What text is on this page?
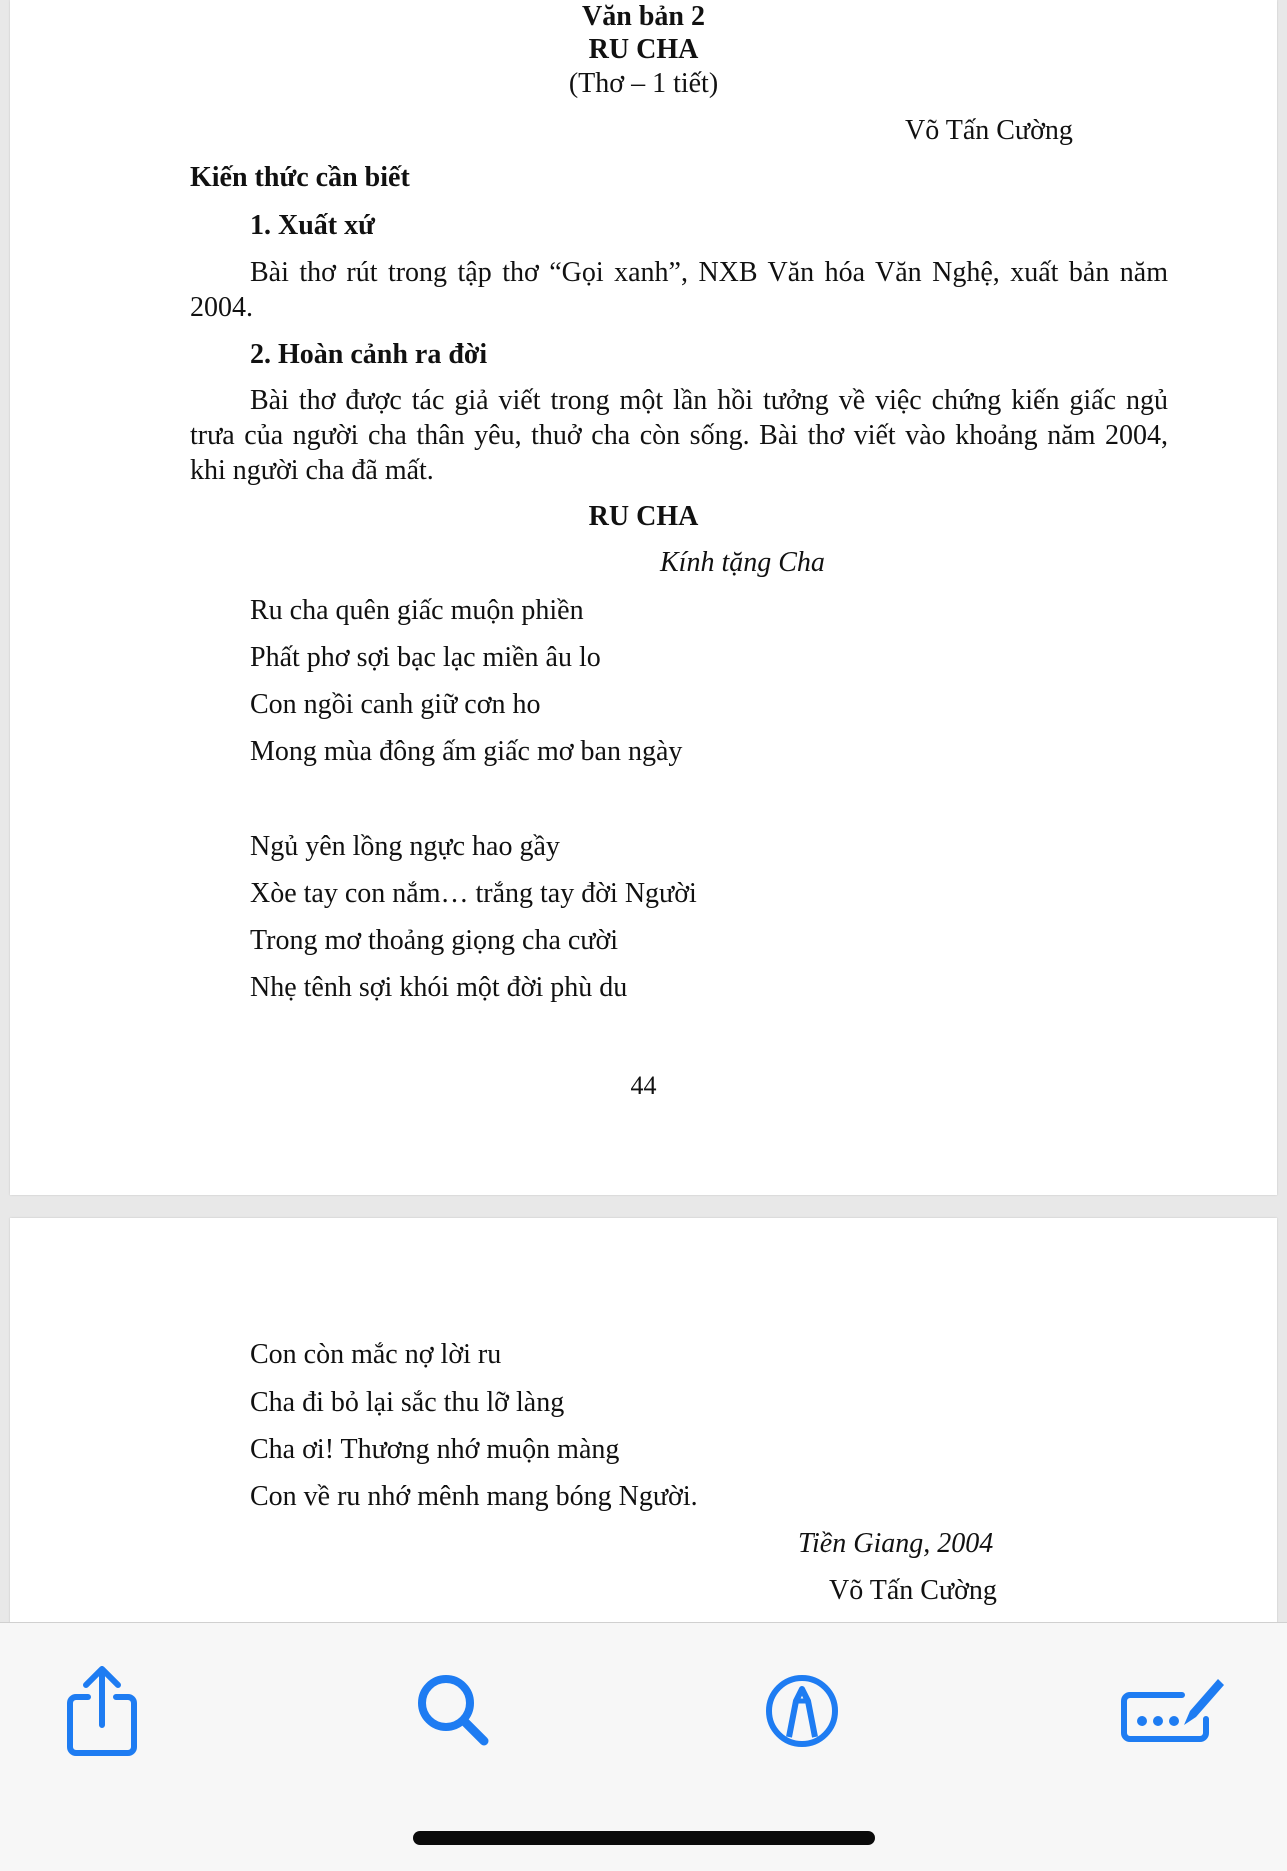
Văn bản 2
RU CHA
(Thơ – 1 tiết)
Võ Tấn Cường
Kiến thức cần biết
1. Xuất xứ
Bài thơ rút trong tập thơ “Gọi xanh”, NXB Văn hóa Văn Nghệ, xuất bản năm 2004.
2. Hoàn cảnh ra đời
Bài thơ được tác giả viết trong một lần hồi tưởng về việc chứng kiến giấc ngủ trưa của người cha thân yêu, thuở cha còn sống. Bài thơ viết vào khoảng năm 2004, khi người cha đã mất.
RU CHA
Kính tặng Cha
Ru cha quên giấc muộn phiền
Phất phơ sợi bạc lạc miền âu lo
Con ngồi canh giữ cơn ho
Mong mùa đông ấm giấc mơ ban ngày
Ngủ yên lồng ngực hao gầy
Xòe tay con nắm… trắng tay đời Người
Trong mơ thoảng giọng cha cười
Nhẹ tênh sợi khói một đời phù du
44
Con còn mắc nợ lời ru
Cha đi bỏ lại sắc thu lỡ làng
Cha ơi! Thương nhớ muộn màng
Con về ru nhớ mênh mang bóng Người.
Tiền Giang, 2004
Võ Tấn Cường
